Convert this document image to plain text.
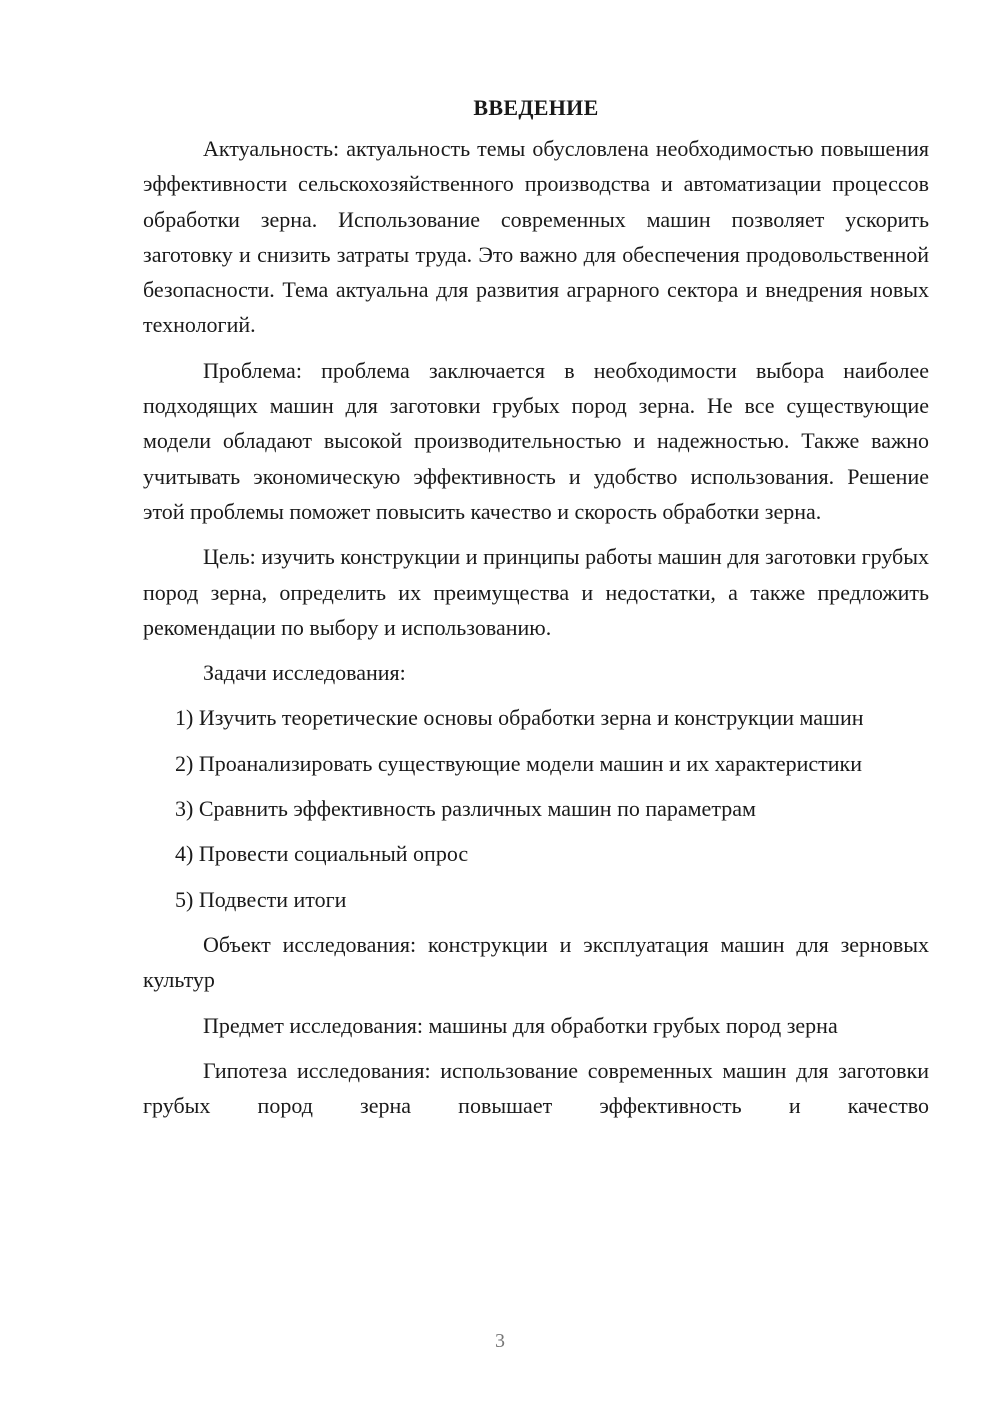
ВВЕДЕНИЕ
Актуальность: актуальность темы обусловлена необходимостью повышения эффективности сельскохозяйственного производства и автоматизации процессов обработки зерна. Использование современных машин позволяет ускорить заготовку и снизить затраты труда. Это важно для обеспечения продовольственной безопасности. Тема актуальна для развития аграрного сектора и внедрения новых технологий.
Проблема: проблема заключается в необходимости выбора наиболее подходящих машин для заготовки грубых пород зерна. Не все существующие модели обладают высокой производительностью и надежностью. Также важно учитывать экономическую эффективность и удобство использования. Решение этой проблемы поможет повысить качество и скорость обработки зерна.
Цель: изучить конструкции и принципы работы машин для заготовки грубых пород зерна, определить их преимущества и недостатки, а также предложить рекомендации по выбору и использованию.
Задачи исследования:
1) Изучить теоретические основы обработки зерна и конструкции машин
2) Проанализировать существующие модели машин и их характеристики
3) Сравнить эффективность различных машин по параметрам
4) Провести социальный опрос
5) Подвести итоги
Объект исследования: конструкции и эксплуатация машин для зерновых культур
Предмет исследования: машины для обработки грубых пород зерна
Гипотеза исследования: использование современных машин для заготовки грубых пород зерна повышает эффективность и качество
3
